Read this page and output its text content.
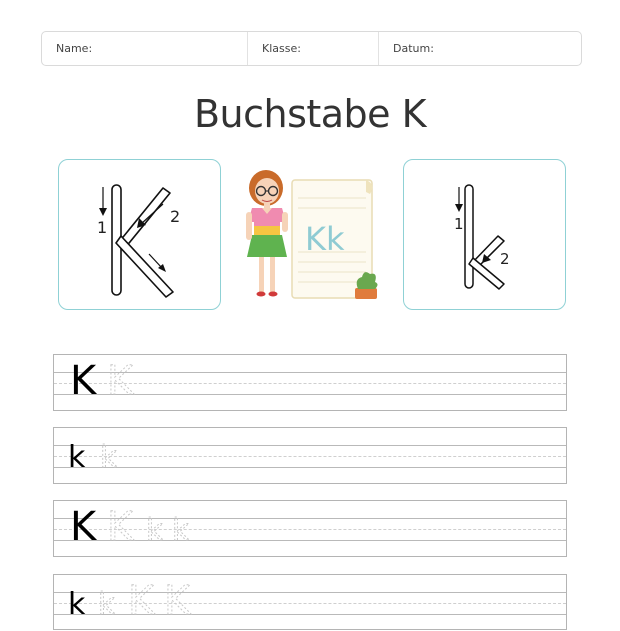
Name:	Klasse:	Datum:
Buchstabe K
1
2
Kk	1
2
K K
k k
K K k k
k k K K
